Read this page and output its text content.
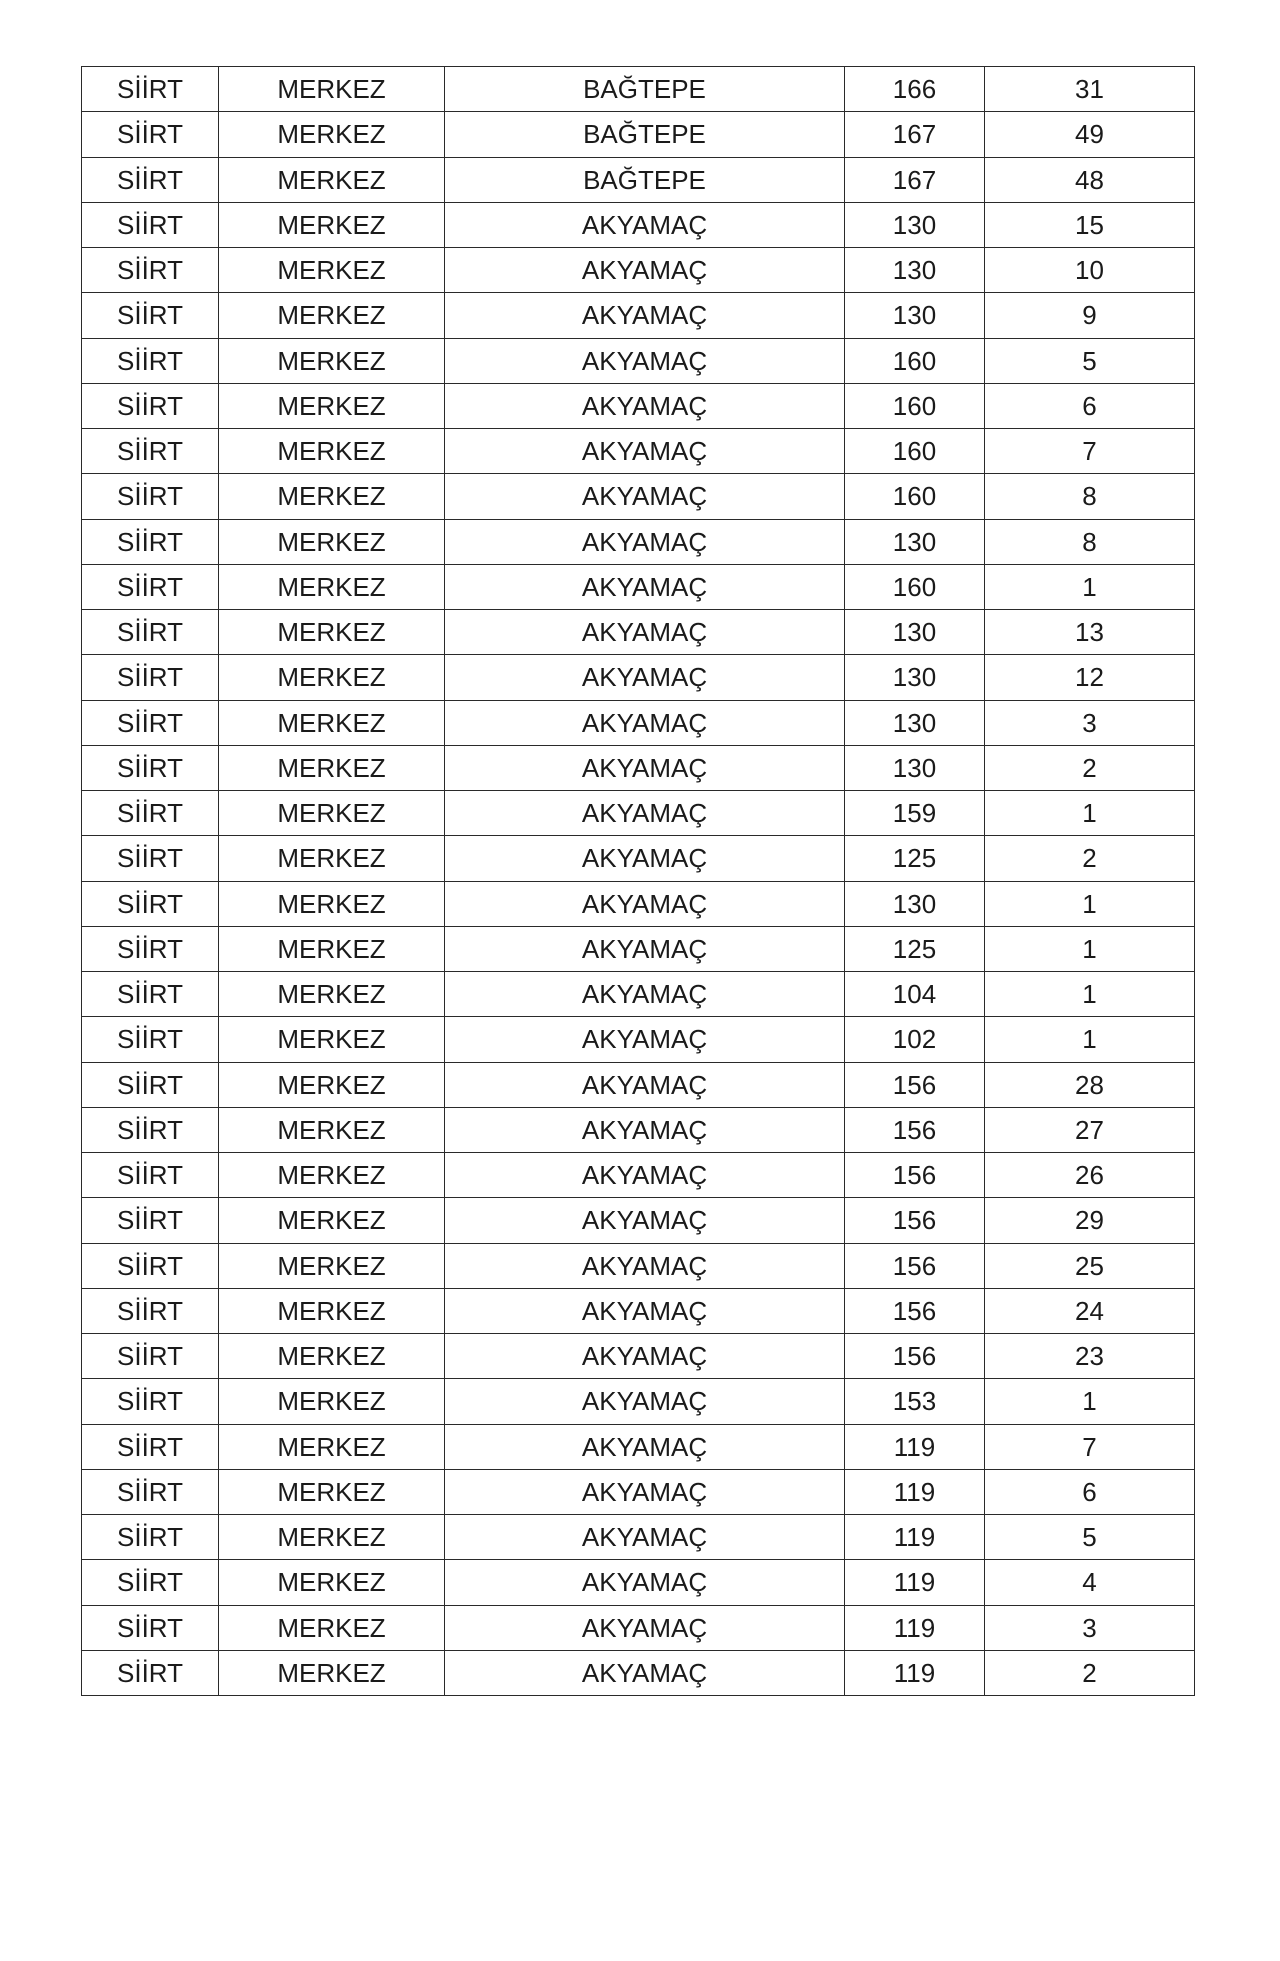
SİİRT	MERKEZ	BAĞTEPE	166	31
SİİRT	MERKEZ	BAĞTEPE	167	49
SİİRT	MERKEZ	BAĞTEPE	167	48
SİİRT	MERKEZ	AKYAMAÇ	130	15
SİİRT	MERKEZ	AKYAMAÇ	130	10
SİİRT	MERKEZ	AKYAMAÇ	130	9
SİİRT	MERKEZ	AKYAMAÇ	160	5
SİİRT	MERKEZ	AKYAMAÇ	160	6
SİİRT	MERKEZ	AKYAMAÇ	160	7
SİİRT	MERKEZ	AKYAMAÇ	160	8
SİİRT	MERKEZ	AKYAMAÇ	130	8
SİİRT	MERKEZ	AKYAMAÇ	160	1
SİİRT	MERKEZ	AKYAMAÇ	130	13
SİİRT	MERKEZ	AKYAMAÇ	130	12
SİİRT	MERKEZ	AKYAMAÇ	130	3
SİİRT	MERKEZ	AKYAMAÇ	130	2
SİİRT	MERKEZ	AKYAMAÇ	159	1
SİİRT	MERKEZ	AKYAMAÇ	125	2
SİİRT	MERKEZ	AKYAMAÇ	130	1
SİİRT	MERKEZ	AKYAMAÇ	125	1
SİİRT	MERKEZ	AKYAMAÇ	104	1
SİİRT	MERKEZ	AKYAMAÇ	102	1
SİİRT	MERKEZ	AKYAMAÇ	156	28
SİİRT	MERKEZ	AKYAMAÇ	156	27
SİİRT	MERKEZ	AKYAMAÇ	156	26
SİİRT	MERKEZ	AKYAMAÇ	156	29
SİİRT	MERKEZ	AKYAMAÇ	156	25
SİİRT	MERKEZ	AKYAMAÇ	156	24
SİİRT	MERKEZ	AKYAMAÇ	156	23
SİİRT	MERKEZ	AKYAMAÇ	153	1
SİİRT	MERKEZ	AKYAMAÇ	119	7
SİİRT	MERKEZ	AKYAMAÇ	119	6
SİİRT	MERKEZ	AKYAMAÇ	119	5
SİİRT	MERKEZ	AKYAMAÇ	119	4
SİİRT	MERKEZ	AKYAMAÇ	119	3
SİİRT	MERKEZ	AKYAMAÇ	119	2
